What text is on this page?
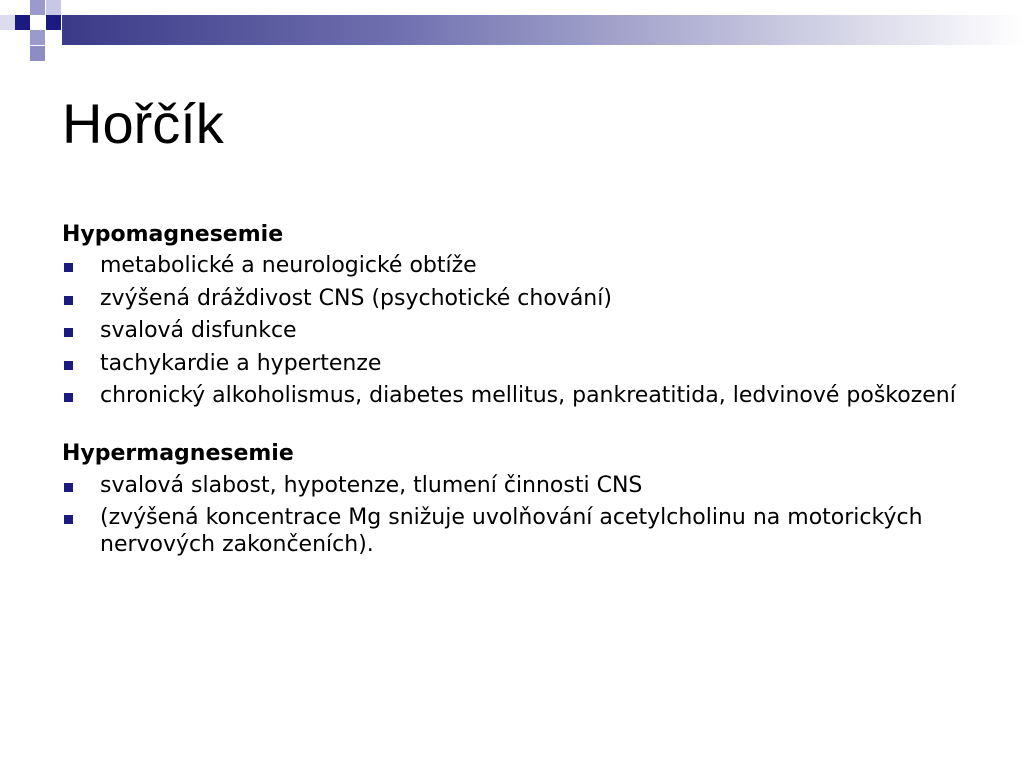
Hořčík
Hypomagnesemie
metabolické a neurologické obtíže
zvýšená dráždivost CNS (psychotické chování)
svalová disfunkce
tachykardie a hypertenze
chronický alkoholismus, diabetes mellitus, pankreatitida, ledvinové poškození
Hypermagnesemie
svalová slabost, hypotenze, tlumení činnosti CNS
(zvýšená koncentrace Mg snižuje uvolňování acetylcholinu na motorických nervových zakončeních).
